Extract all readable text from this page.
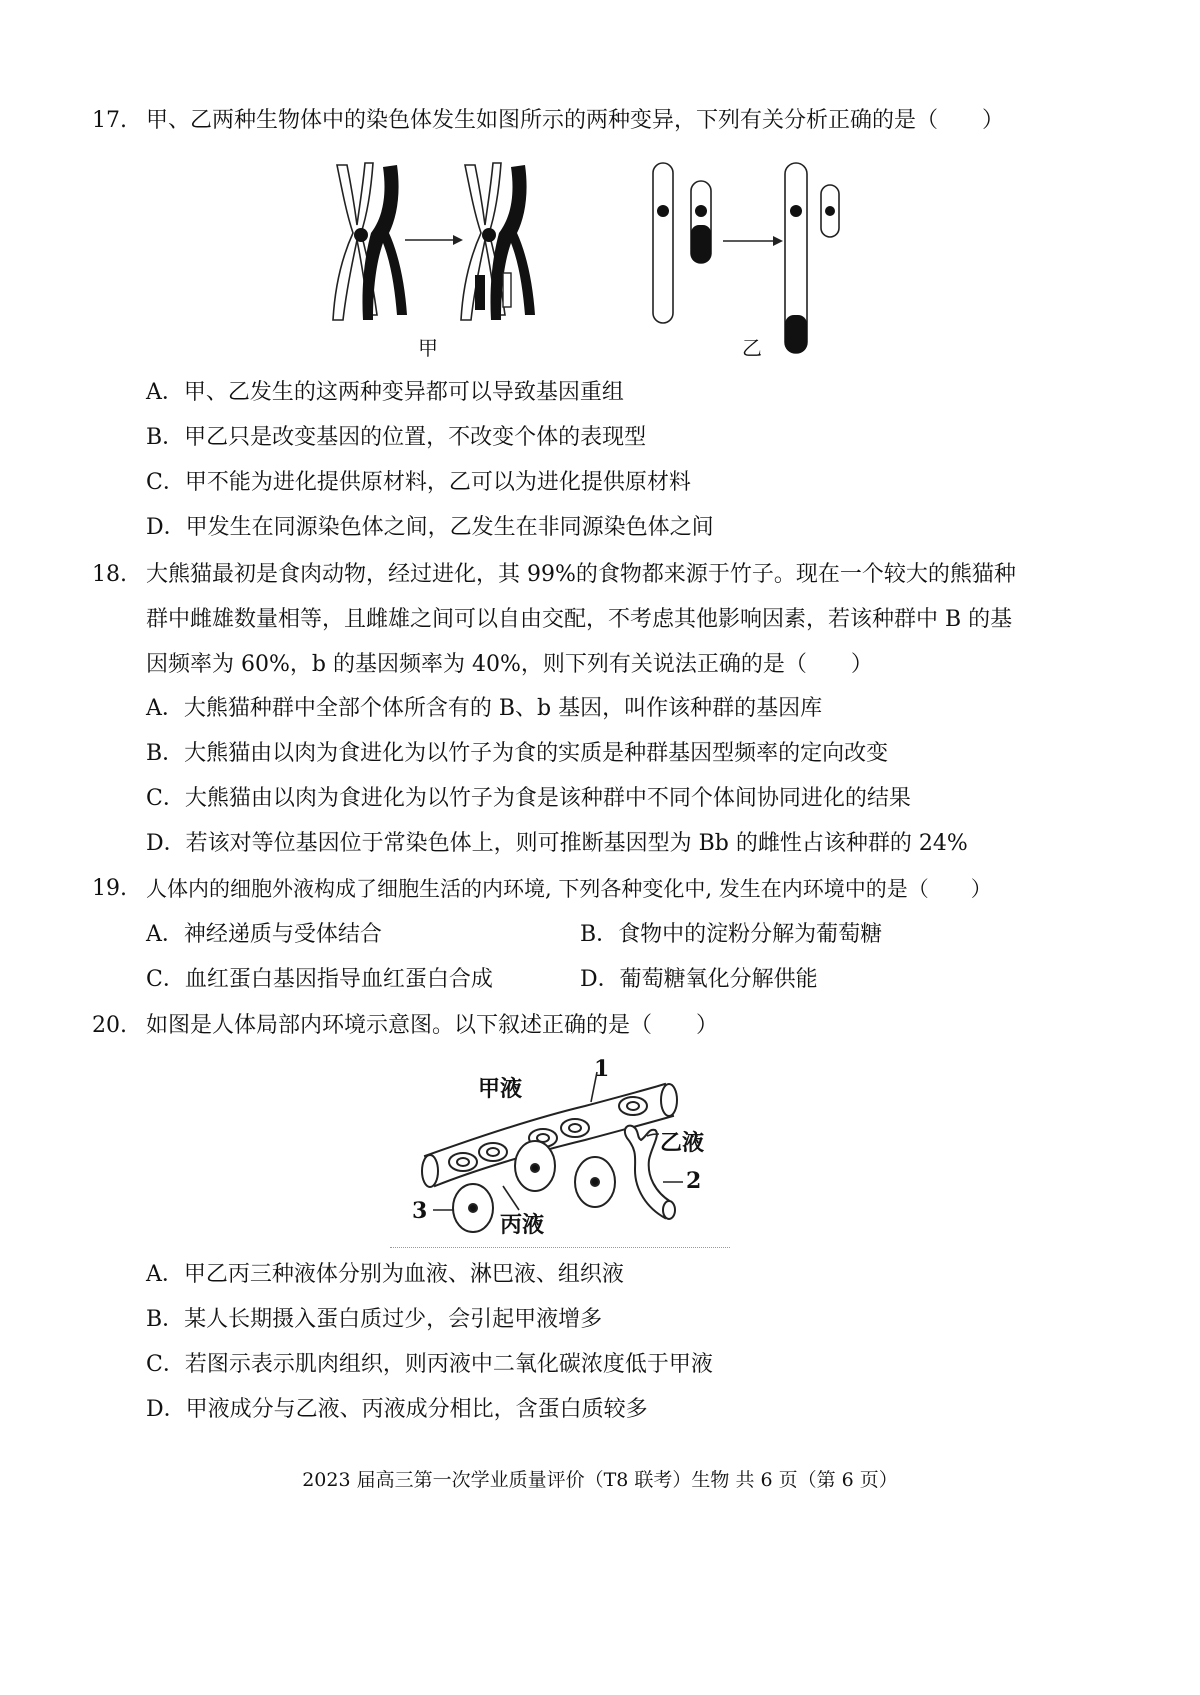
17. 甲、乙两种生物体中的染色体发生如图所示的两种变异，下列有关分析正确的是（　　）
甲	乙
A．甲、乙发生的这两种变异都可以导致基因重组
B．甲乙只是改变基因的位置，不改变个体的表现型
C．甲不能为进化提供原材料，乙可以为进化提供原材料
D．甲发生在同源染色体之间，乙发生在非同源染色体之间
18. 大熊猫最初是食肉动物，经过进化，其 99%的食物都来源于竹子。现在一个较大的熊猫种
群中雌雄数量相等，且雌雄之间可以自由交配，不考虑其他影响因素，若该种群中 B 的基
因频率为 60%，b 的基因频率为 40%，则下列有关说法正确的是（　　）
A．大熊猫种群中全部个体所含有的 B、b 基因，叫作该种群的基因库
B．大熊猫由以肉为食进化为以竹子为食的实质是种群基因型频率的定向改变
C．大熊猫由以肉为食进化为以竹子为食是该种群中不同个体间协同进化的结果
D．若该对等位基因位于常染色体上，则可推断基因型为 Bb 的雌性占该种群的 24%
19. 人体内的细胞外液构成了细胞生活的内环境, 下列各种变化中, 发生在内环境中的是（　　）
A．神经递质与受体结合	B．食物中的淀粉分解为葡萄糖
C．血红蛋白基因指导血红蛋白合成	D．葡萄糖氧化分解供能
20. 如图是人体局部内环境示意图。以下叙述正确的是（　　）
甲液
1
乙液
2
3
丙液
A．甲乙丙三种液体分别为血液、淋巴液、组织液
B．某人长期摄入蛋白质过少，会引起甲液增多
C．若图示表示肌肉组织，则丙液中二氧化碳浓度低于甲液
D．甲液成分与乙液、丙液成分相比，含蛋白质较多
2023 届高三第一次学业质量评价（T8 联考）生物 共 6 页（第 6 页）
